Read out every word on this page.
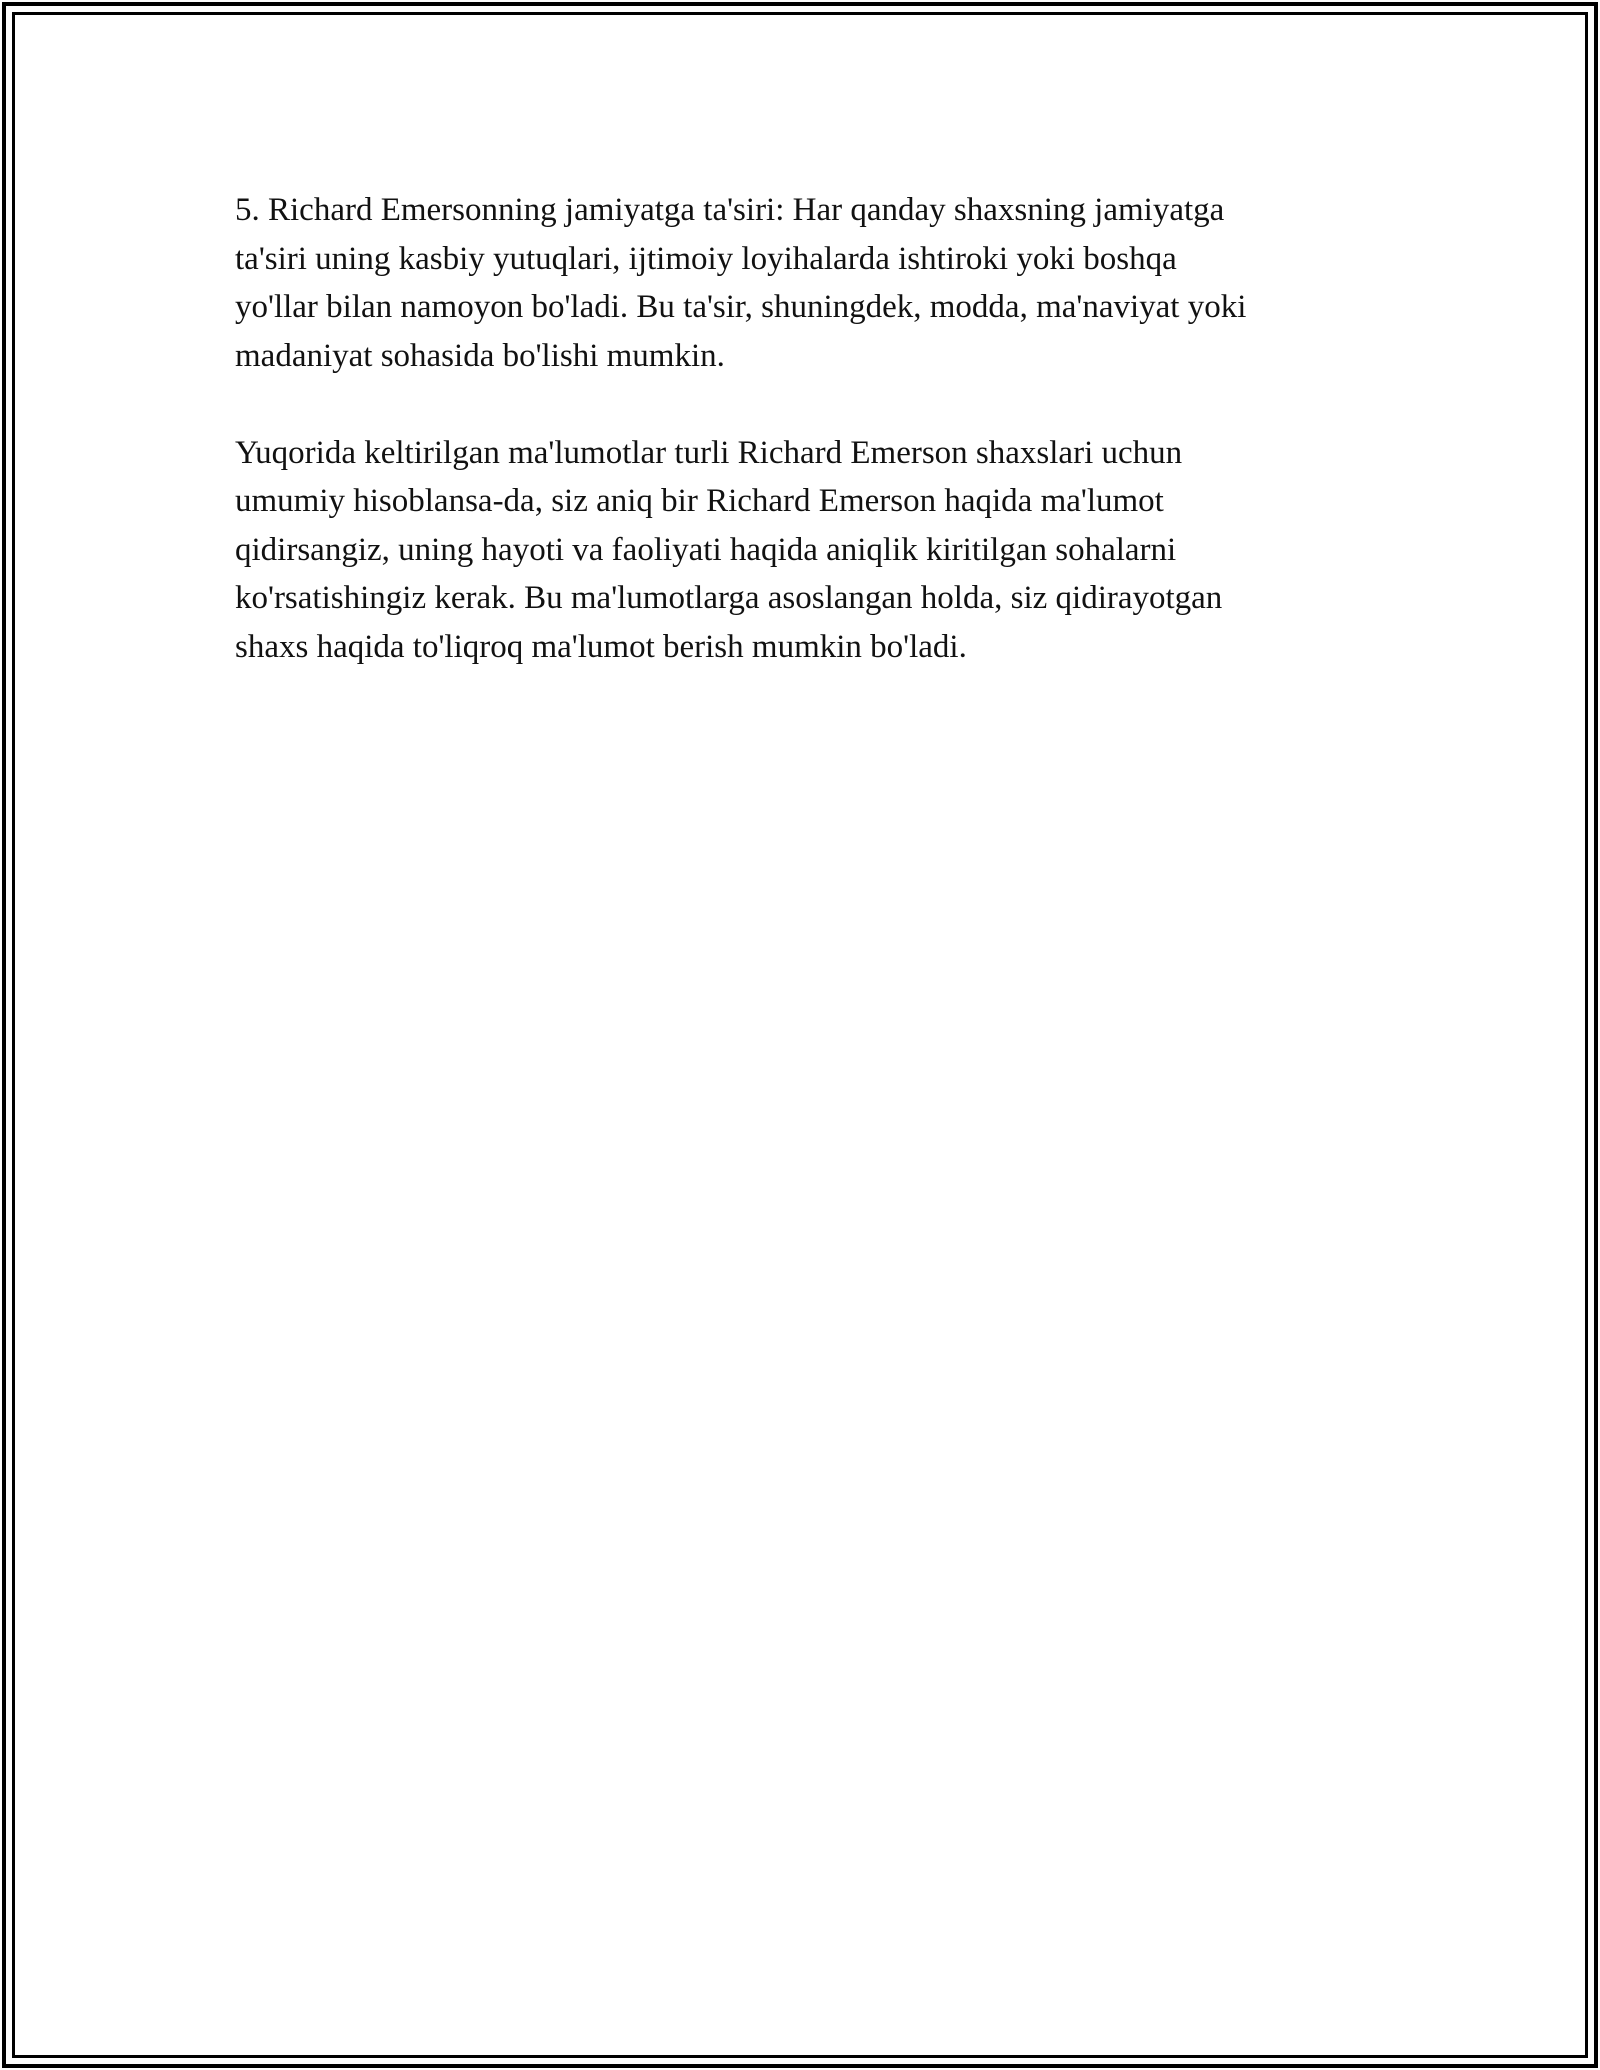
5. Richard Emersonning jamiyatga ta'siri: Har qanday shaxsning jamiyatga

ta'siri uning kasbiy yutuqlari, ijtimoiy loyihalarda ishtiroki yoki boshqa

yo'llar bilan namoyon bo'ladi. Bu ta'sir, shuningdek, modda, ma'naviyat yoki

madaniyat sohasida bo'lishi mumkin.

Yuqorida keltirilgan ma'lumotlar turli Richard Emerson shaxslari uchun

umumiy hisoblansa-da, siz aniq bir Richard Emerson haqida ma'lumot

qidirsangiz, uning hayoti va faoliyati haqida aniqlik kiritilgan sohalarni

ko'rsatishingiz kerak. Bu ma'lumotlarga asoslangan holda, siz qidirayotgan

shaxs haqida to'liqroq ma'lumot berish mumkin bo'ladi.
